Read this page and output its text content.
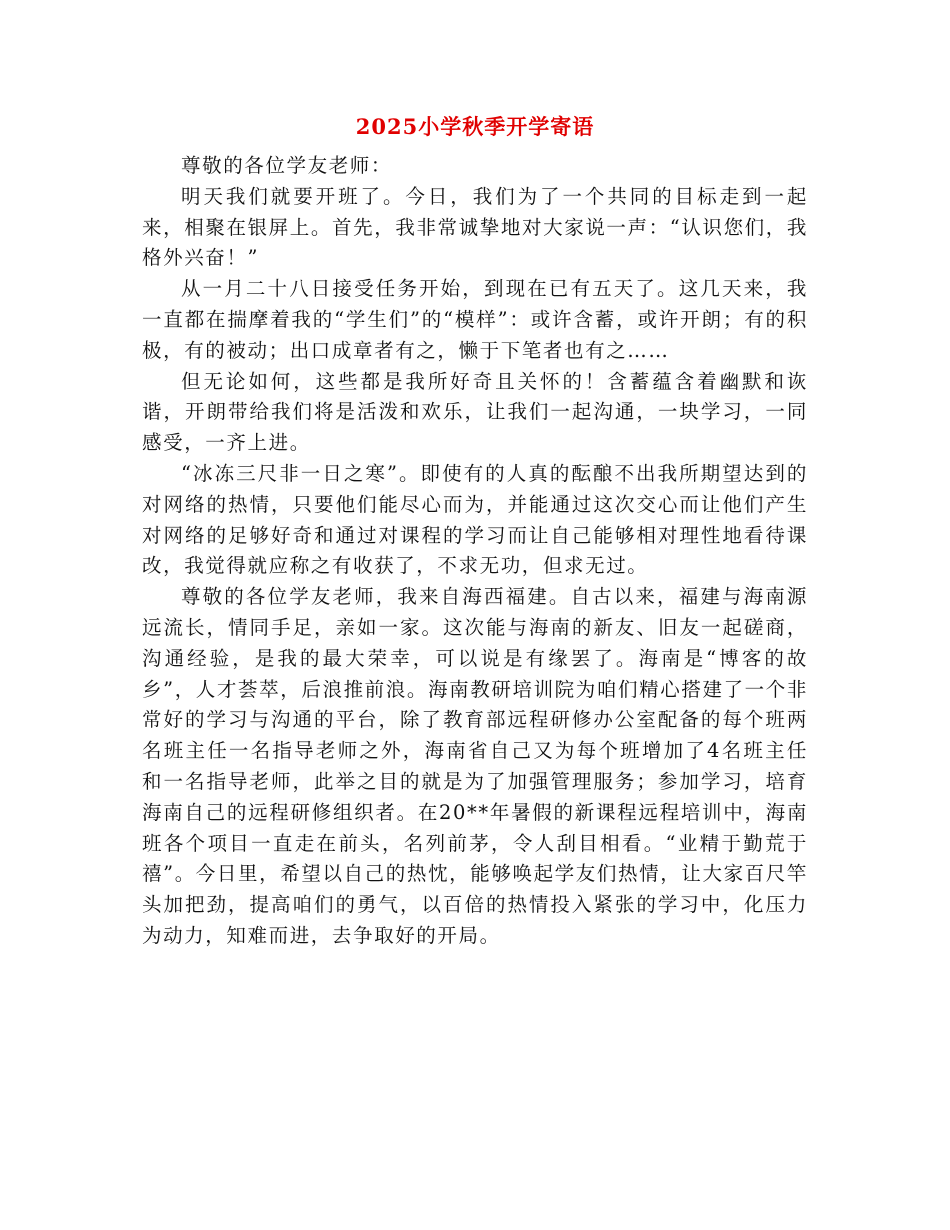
2025小学秋季开学寄语

尊敬的各位学友老师：

明天我们就要开班了。今日，我们为了一个共同的目标走到一起来，相聚在银屏上。首先，我非常诚挚地对大家说一声：“认识您们，我格外兴奋！”

从一月二十八日接受任务开始，到现在已有五天了。这几天来，我一直都在揣摩着我的“学生们”的“模样”：或许含蓄，或许开朗；有的积极，有的被动；出口成章者有之，懒于下笔者也有之……

但无论如何，这些都是我所好奇且关怀的！含蓄蕴含着幽默和诙谐，开朗带给我们将是活泼和欢乐，让我们一起沟通，一块学习，一同感受，一齐上进。

“冰冻三尺非一日之寒”。即使有的人真的酝酿不出我所期望达到的对网络的热情，只要他们能尽心而为，并能通过这次交心而让他们产生对网络的足够好奇和通过对课程的学习而让自己能够相对理性地看待课改，我觉得就应称之有收获了，不求无功，但求无过。

尊敬的各位学友老师，我来自海西福建。自古以来，福建与海南源远流长，情同手足，亲如一家。这次能与海南的新友、旧友一起磋商，沟通经验，是我的最大荣幸，可以说是有缘罢了。海南是“博客的故乡”，人才荟萃，后浪推前浪。海南教研培训院为咱们精心搭建了一个非常好的学习与沟通的平台，除了教育部远程研修办公室配备的每个班两名班主任一名指导老师之外，海南省自己又为每个班增加了4名班主任和一名指导老师，此举之目的就是为了加强管理服务；参加学习，培育海南自己的远程研修组织者。在20**年暑假的新课程远程培训中，海南班各个项目一直走在前头，名列前茅，令人刮目相看。“业精于勤荒于禧”。今日里，希望以自己的热忱，能够唤起学友们热情，让大家百尺竿头加把劲，提高咱们的勇气，以百倍的热情投入紧张的学习中，化压力为动力，知难而进，去争取好的开局。
